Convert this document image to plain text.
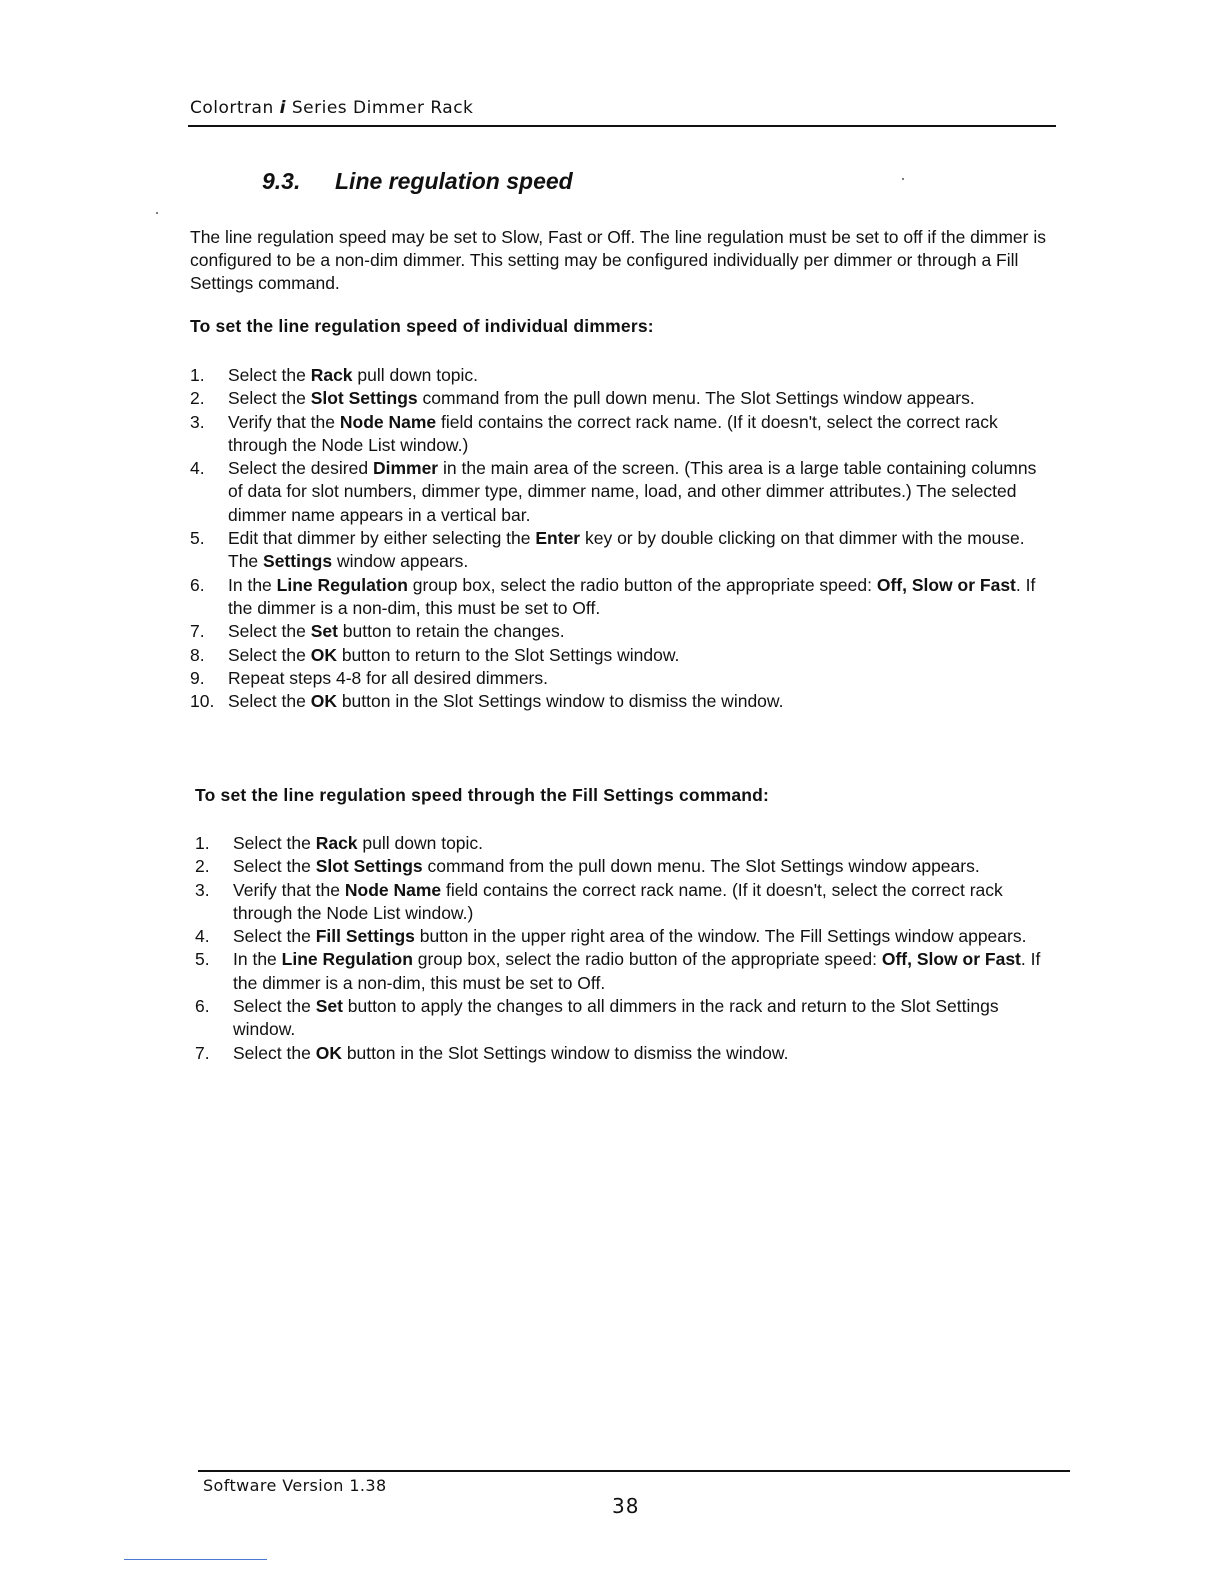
Colortran i Series Dimmer Rack
9.3. Line regulation speed

The line regulation speed may be set to Slow, Fast or Off. The line regulation must be set to off if the dimmer is configured to be a non-dim dimmer. This setting may be configured individually per dimmer or through a Fill Settings command.

To set the line regulation speed of individual dimmers:

1.	Select the Rack pull down topic.
2.	Select the Slot Settings command from the pull down menu. The Slot Settings window appears.
3.	Verify that the Node Name field contains the correct rack name. (If it doesn't, select the correct rack through the Node List window.)
4.	Select the desired Dimmer in the main area of the screen. (This area is a large table containing columns of data for slot numbers, dimmer type, dimmer name, load, and other dimmer attributes.) The selected dimmer name appears in a vertical bar.
5.	Edit that dimmer by either selecting the Enter key or by double clicking on that dimmer with the mouse. The Settings window appears.
6.	In the Line Regulation group box, select the radio button of the appropriate speed: Off, Slow or Fast. If the dimmer is a non-dim, this must be set to Off.
7.	Select the Set button to retain the changes.
8.	Select the OK button to return to the Slot Settings window.
9.	Repeat steps 4-8 for all desired dimmers.
10. Select the OK button in the Slot Settings window to dismiss the window.

To set the line regulation speed through the Fill Settings command:

1.	Select the Rack pull down topic.
2.	Select the Slot Settings command from the pull down menu. The Slot Settings window appears.
3.	Verify that the Node Name field contains the correct rack name. (If it doesn't, select the correct rack through the Node List window.)
4.	Select the Fill Settings button in the upper right area of the window. The Fill Settings window appears.
5.	In the Line Regulation group box, select the radio button of the appropriate speed: Off, Slow or Fast. If the dimmer is a non-dim, this must be set to Off.
6.	Select the Set button to apply the changes to all dimmers in the rack and return to the Slot Settings window.
7.	Select the OK button in the Slot Settings window to dismiss the window.
Software Version 1.38
38
